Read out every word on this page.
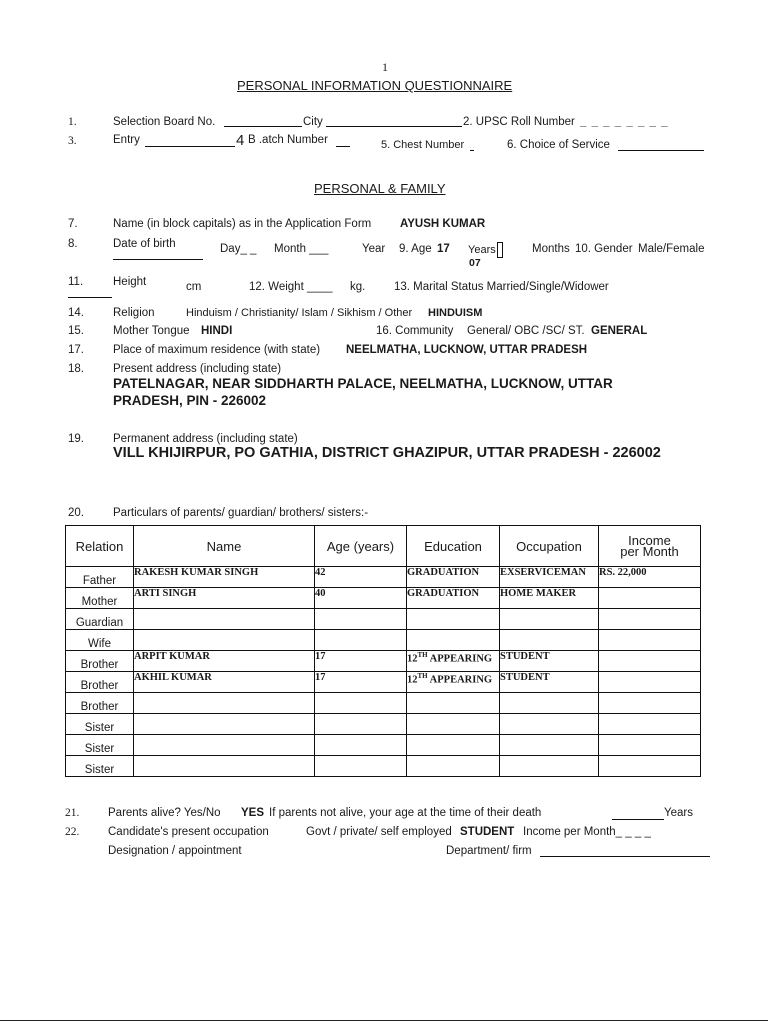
1
PERSONAL INFORMATION QUESTIONNAIRE
1.	Selection Board No.	City	2. UPSC Roll Number _ _ _ _ _ _ _ _
3.	Entry	4 B .atch Number	5. Chest Number	6. Choice of Service
PERSONAL & FAMILY
7.	Name (in block capitals) as in the Application Form	AYUSH KUMAR
8.	Date of birth	Day_ _ Month ___	Year 9. Age 17 Years
07
Months 10. Gender Male/Female
11.	Height	cm	12. Weight ____ kg. 13. Marital Status Married/Single/Widower
14.	Religion	Hinduism / Christianity/ Islam / Sikhism / Other HINDUISM
15.	Mother Tongue HINDI	16. Community General/ OBC /SC/ ST. GENERAL
17.	Place of maximum residence (with state) NEELMATHA, LUCKNOW, UTTAR PRADESH
18.	Present address (including state)
PATELNAGAR, NEAR SIDDHARTH PALACE, NEELMATHA, LUCKNOW, UTTAR
PRADESH, PIN - 226002
19.	Permanent address (including state)
VILL KHIJIRPUR, PO GATHIA, DISTRICT GHAZIPUR, UTTAR PRADESH - 226002
20.	Particulars of parents/ guardian/ brothers/ sisters:-
Relation	Name	Age (years)	Education	Occupation	Income per Month
Father	RAKESH KUMAR SINGH	42	GRADUATION	EXSERVICEMAN	RS. 22,000
Mother	ARTI SINGH	40	GRADUATION	HOME MAKER	
Guardian					
Wife					
Brother	ARPIT KUMAR	17	12TH APPEARING	STUDENT	
Brother	AKHIL KUMAR	17	12TH APPEARING	STUDENT	
Brother					
Sister					
Sister					
Sister					
21. Parents alive? Yes/No YES If parents not alive, your age at the time of their death	Years
22. Candidate's present occupation	Govt / private/ self employed STUDENT Income per Month_ _ _ _
Designation / appointment	Department/ firm
